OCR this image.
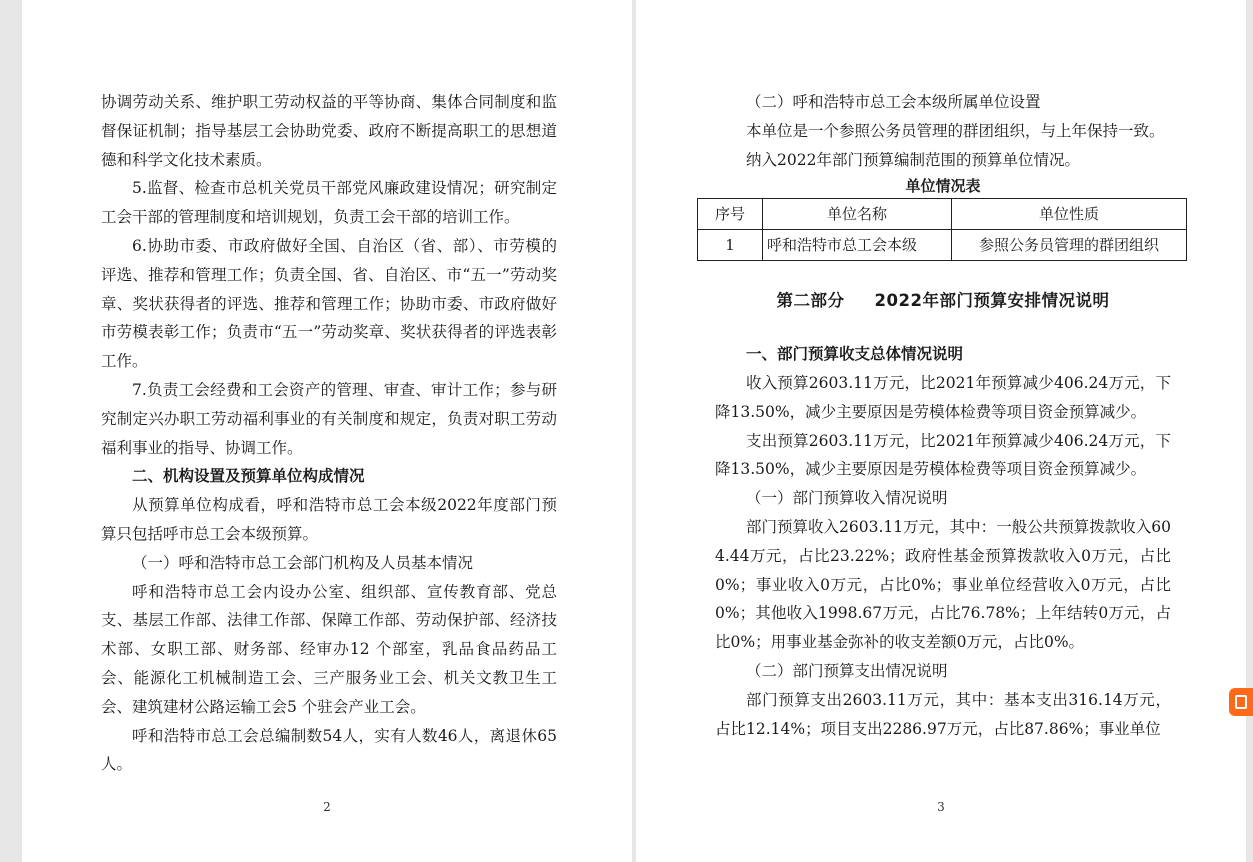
协调劳动关系、维护职工劳动权益的平等协商、集体合同制度和监督保证机制；指导基层工会协助党委、政府不断提高职工的思想道德和科学文化技术素质。

5.监督、检查市总机关党员干部党风廉政建设情况；研究制定工会干部的管理制度和培训规划，负责工会干部的培训工作。

6.协助市委、市政府做好全国、自治区（省、部）、市劳模的评选、推荐和管理工作；负责全国、省、自治区、市“五一”劳动奖章、奖状获得者的评选、推荐和管理工作；协助市委、市政府做好市劳模表彰工作；负责市“五一”劳动奖章、奖状获得者的评选表彰工作。

7.负责工会经费和工会资产的管理、审查、审计工作；参与研究制定兴办职工劳动福利事业的有关制度和规定，负责对职工劳动福利事业的指导、协调工作。

二、机构设置及预算单位构成情况

从预算单位构成看，呼和浩特市总工会本级2022年度部门预算只包括呼市总工会本级预算。

（一）呼和浩特市总工会部门机构及人员基本情况

呼和浩特市总工会内设办公室、组织部、宣传教育部、党总支、基层工作部、法律工作部、保障工作部、劳动保护部、经济技术部、女职工部、财务部、经审办12 个部室，乳品食品药品工会、能源化工机械制造工会、三产服务业工会、机关文教卫生工会、建筑建材公路运输工会5 个驻会产业工会。

呼和浩特市总工会总编制数54人，实有人数46人，离退休65人。

2

（二）呼和浩特市总工会本级所属单位设置

本单位是一个参照公务员管理的群团组织，与上年保持一致。

纳入2022年部门预算编制范围的预算单位情况。

单位情况表
序号	单位名称	单位性质
1	呼和浩特市总工会本级	参照公务员管理的群团组织
第二部分 2022年部门预算安排情况说明

一、部门预算收支总体情况说明

收入预算2603.11万元，比2021年预算减少406.24万元，下降13.50%，减少主要原因是劳模体检费等项目资金预算减少。

支出预算2603.11万元，比2021年预算减少406.24万元，下降13.50%，减少主要原因是劳模体检费等项目资金预算减少。

（一）部门预算收入情况说明

部门预算收入2603.11万元，其中：一般公共预算拨款收入604.44万元，占比23.22%；政府性基金预算拨款收入0万元，占比0%；事业收入0万元，占比0%；事业单位经营收入0万元，占比0%；其他收入1998.67万元，占比76.78%；上年结转0万元，占比0%；用事业基金弥补的收支差额0万元，占比0%。

（二）部门预算支出情况说明

部门预算支出2603.11万元，其中：基本支出316.14万元，占比12.14%；项目支出2286.97万元，占比87.86%；事业单位

3
